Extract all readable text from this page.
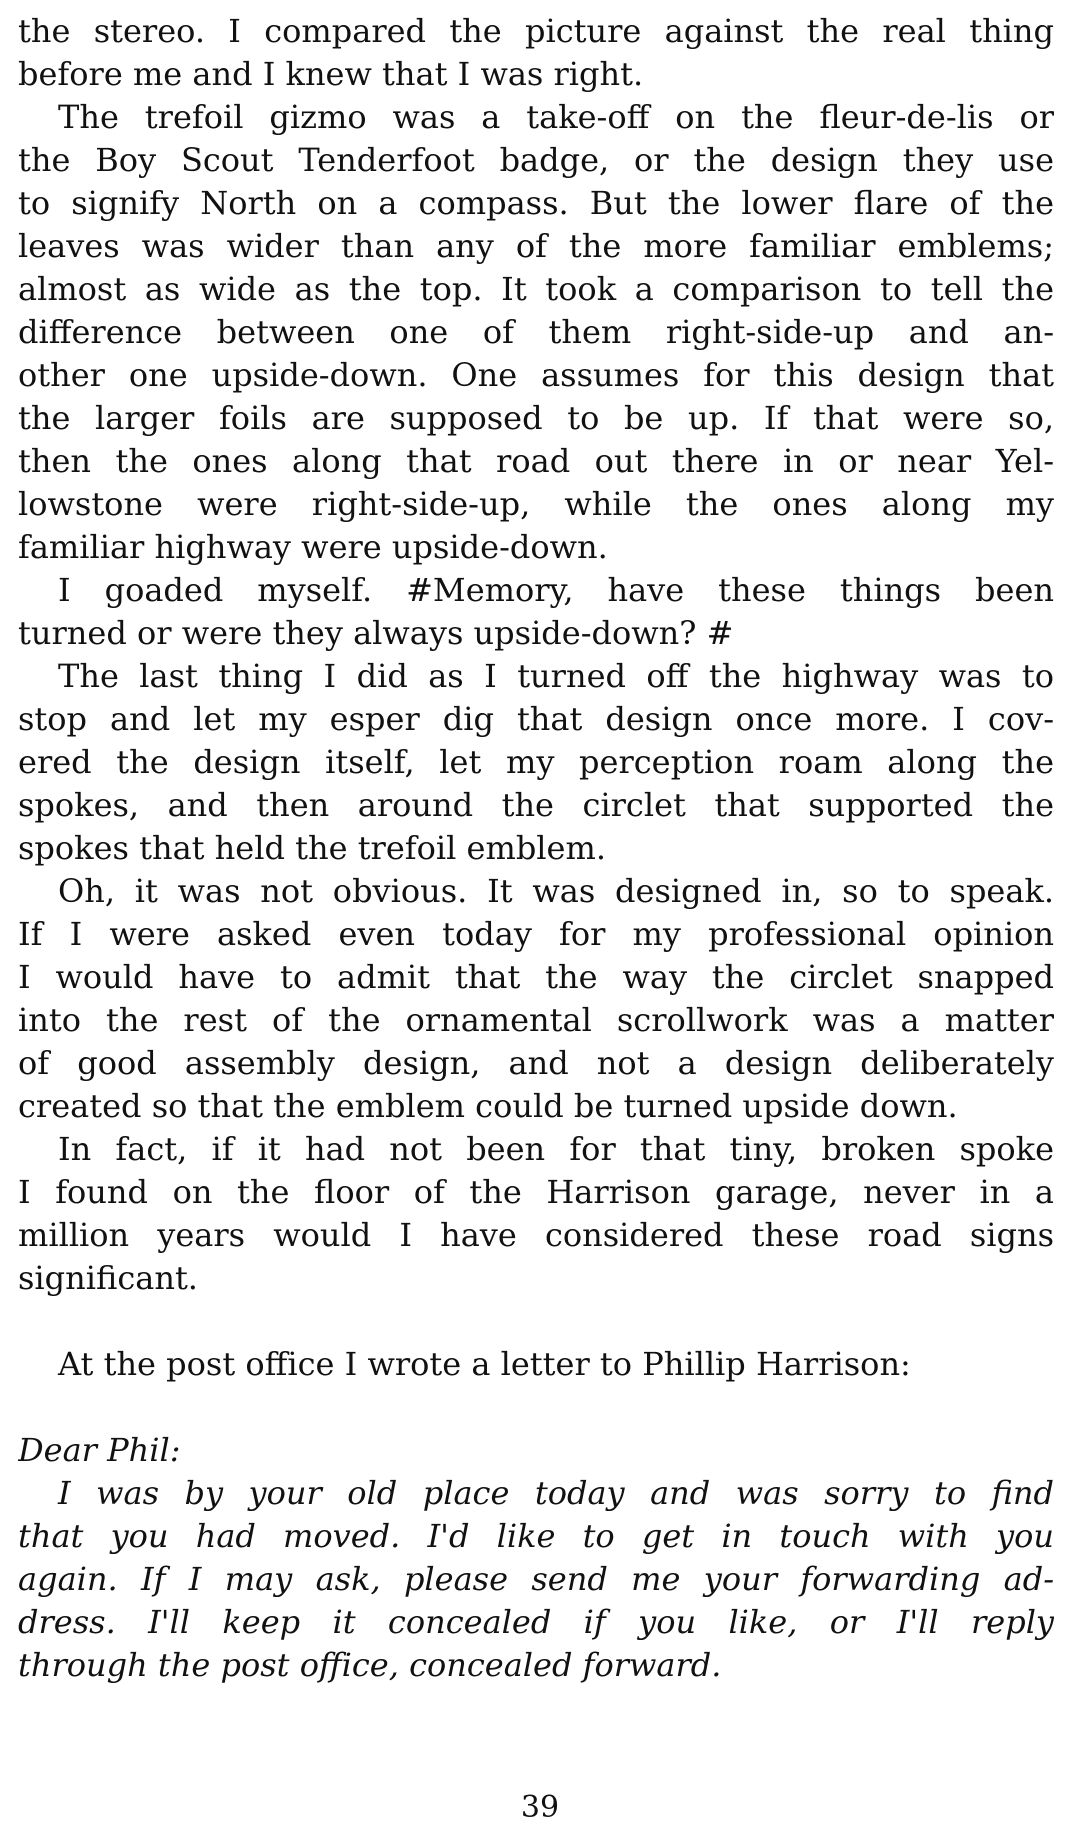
the stereo. I compared the picture against the real thing
before me and I knew that I was right.
The trefoil gizmo was a take-off on the fleur-de-lis or
the Boy Scout Tenderfoot badge, or the design they use
to signify North on a compass. But the lower flare of the
leaves was wider than any of the more familiar emblems;
almost as wide as the top. It took a comparison to tell the
difference between one of them right-side-up and an-
other one upside-down. One assumes for this design that
the larger foils are supposed to be up. If that were so,
then the ones along that road out there in or near Yel-
lowstone were right-side-up, while the ones along my
familiar highway were upside-down.
I goaded myself. #Memory, have these things been
turned or were they always upside-down? #
The last thing I did as I turned off the highway was to
stop and let my esper dig that design once more. I cov-
ered the design itself, let my perception roam along the
spokes, and then around the circlet that supported the
spokes that held the trefoil emblem.
Oh, it was not obvious. It was designed in, so to speak.
If I were asked even today for my professional opinion
I would have to admit that the way the circlet snapped
into the rest of the ornamental scrollwork was a matter
of good assembly design, and not a design deliberately
created so that the emblem could be turned upside down.
In fact, if it had not been for that tiny, broken spoke
I found on the floor of the Harrison garage, never in a
million years would I have considered these road signs
significant.
At the post office I wrote a letter to Phillip Harrison:
Dear Phil:
I was by your old place today and was sorry to find
that you had moved. I'd like to get in touch with you
again. If I may ask, please send me your forwarding ad-
dress. I'll keep it concealed if you like, or I'll reply
through the post office, concealed forward.
39
